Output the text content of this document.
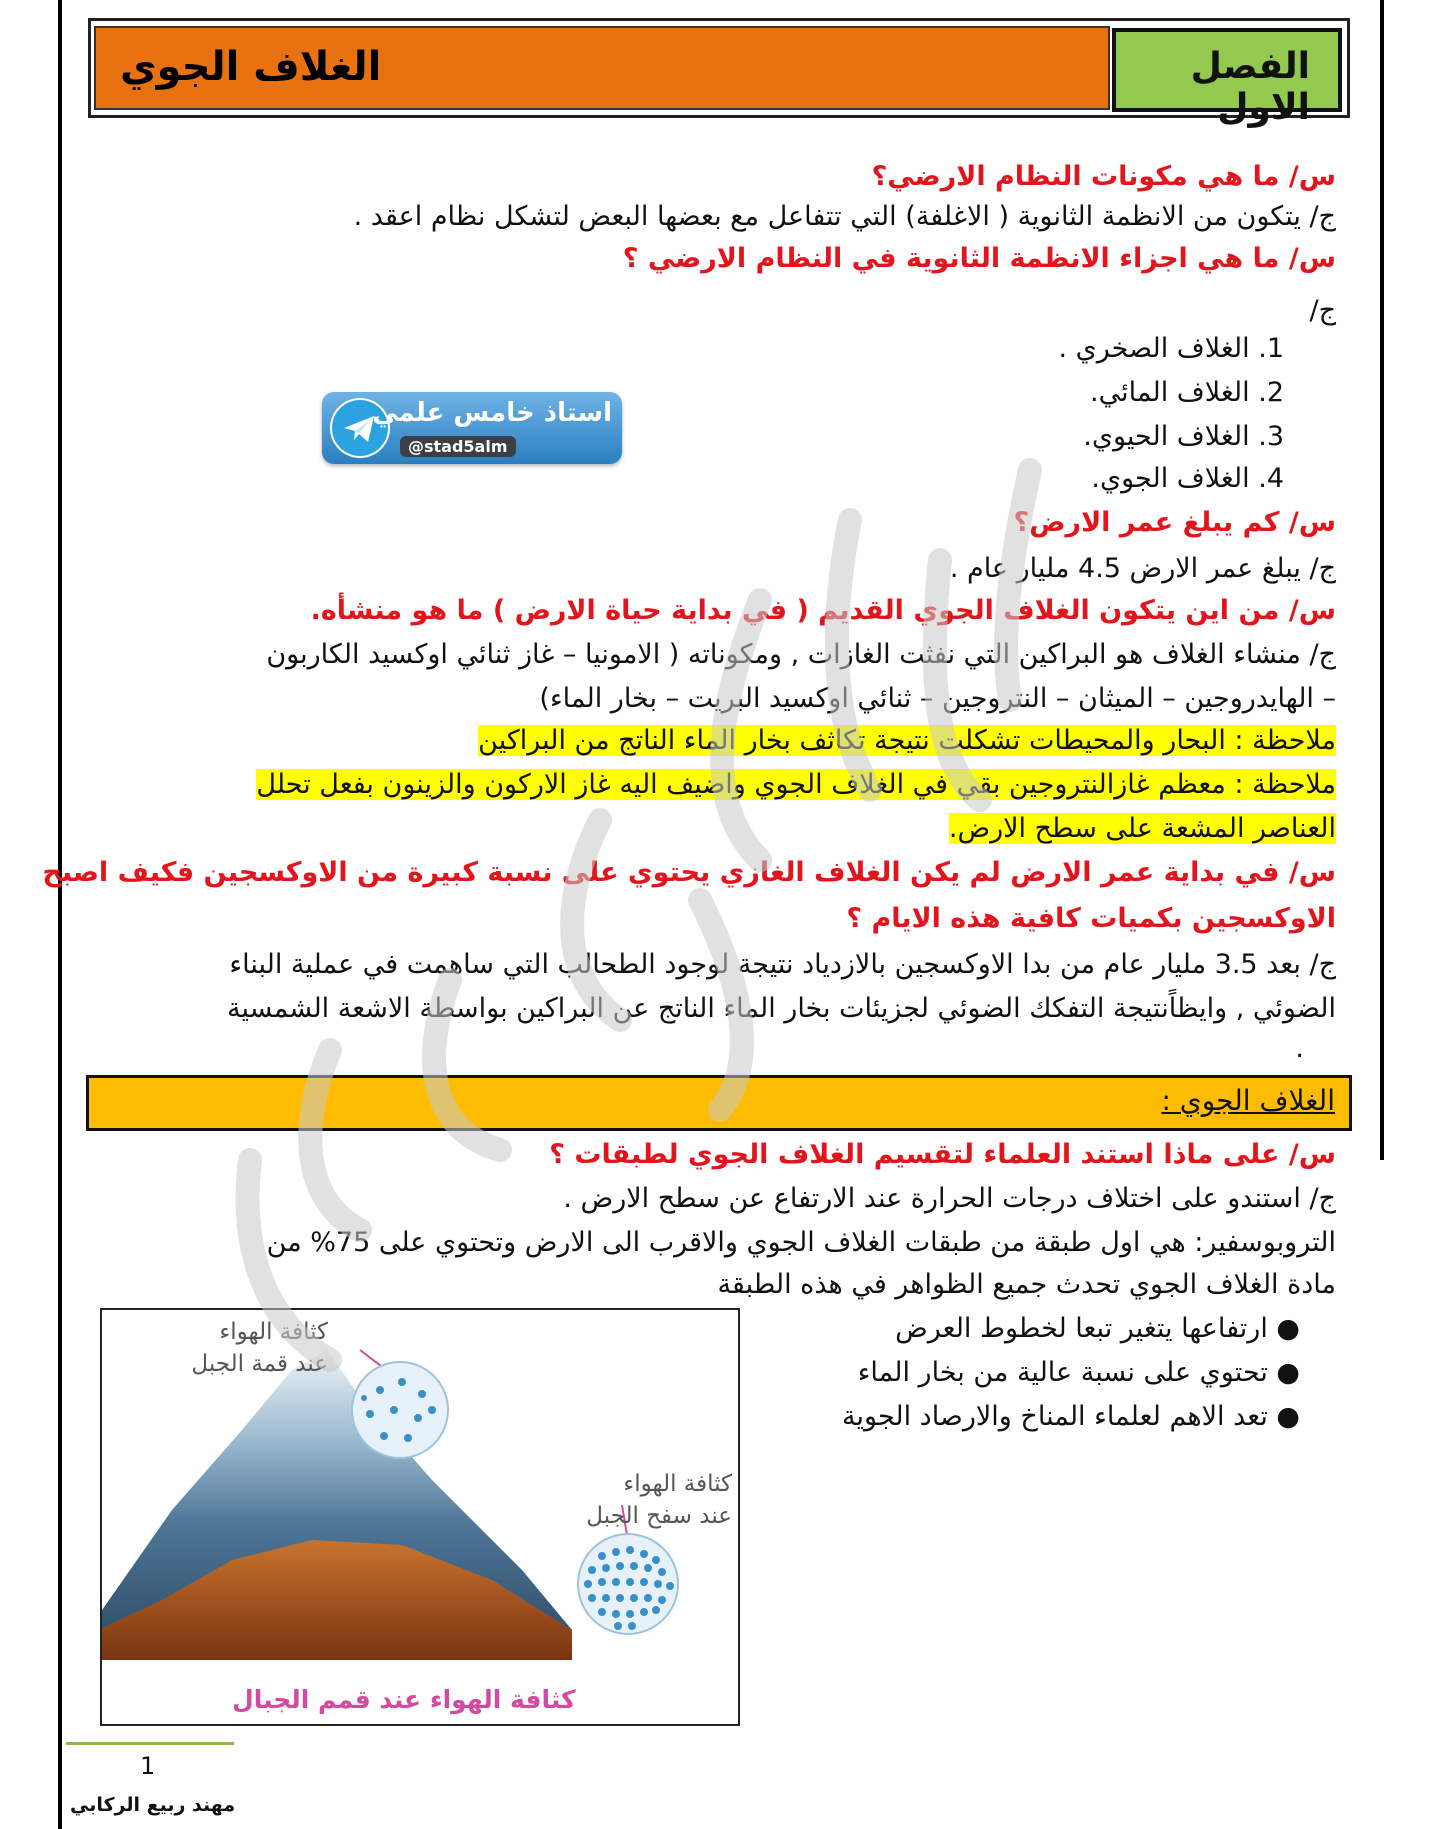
الغلاف الجوي	الفصل الاول
س/ ما هي مكونات النظام الارضي؟
ج/ يتكون من الانظمة الثانوية ( الاغلفة) التي تتفاعل مع بعضها البعض لتشكل نظام اعقد .
س/ ما هي اجزاء الانظمة الثانوية في النظام الارضي ؟
ج/
1. الغلاف الصخري .
2. الغلاف المائي.
3. الغلاف الحيوي.
4. الغلاف الجوي.
استاذ خامس علمي
@stad5alm
س/ كم يبلغ عمر الارض؟
ج/ يبلغ عمر الارض 4.5 مليار عام .
س/ من اين يتكون الغلاف الجوي القديم ( في بداية حياة الارض ) ما هو منشأه.
ج/ منشاء الغلاف هو البراكين التي نفثت الغازات , ومكوناته ( الامونيا – غاز ثنائي اوكسيد الكاربون
– الهايدروجين – الميثان – النتروجين – ثنائي اوكسيد البريت – بخار الماء)
ملاحظة : البحار والمحيطات تشكلت نتيجة تكاثف بخار الماء الناتج من البراكين
ملاحظة : معظم غازالنتروجين بقي في الغلاف الجوي واضيف اليه غاز الاركون والزينون بفعل تحلل
العناصر المشعة على سطح الارض.
س/ في بداية عمر الارض لم يكن الغلاف الغازي يحتوي على نسبة كبيرة من الاوكسجين فكيف اصبح
الاوكسجين بكميات كافية هذه الايام ؟
ج/ بعد 3.5 مليار عام من بدا الاوكسجين بالازدياد نتيجة لوجود الطحالب التي ساهمت في عملية البناء
الضوئي , وايظاًنتيجة التفكك الضوئي لجزيئات بخار الماء الناتج عن البراكين بواسطة الاشعة الشمسية
.
الغلاف الجوي :
س/ على ماذا استند العلماء لتقسيم الغلاف الجوي لطبقات ؟
ج/ استندو على اختلاف درجات الحرارة عند الارتفاع عن سطح الارض .
التروبوسفير: هي اول طبقة من طبقات الغلاف الجوي والاقرب الى الارض وتحتوي على 75% من
مادة الغلاف الجوي تحدث جميع الظواهر في هذه الطبقة
● ارتفاعها يتغير تبعا لخطوط العرض
● تحتوي على نسبة عالية من بخار الماء
● تعد الاهم لعلماء المناخ والارصاد الجوية
كثافة الهواء
عند قمة الجبل
كثافة الهواء
عند سفح الجبل
كثافة الهواء عند قمم الجبال
1
مهند ربيع الركابي
